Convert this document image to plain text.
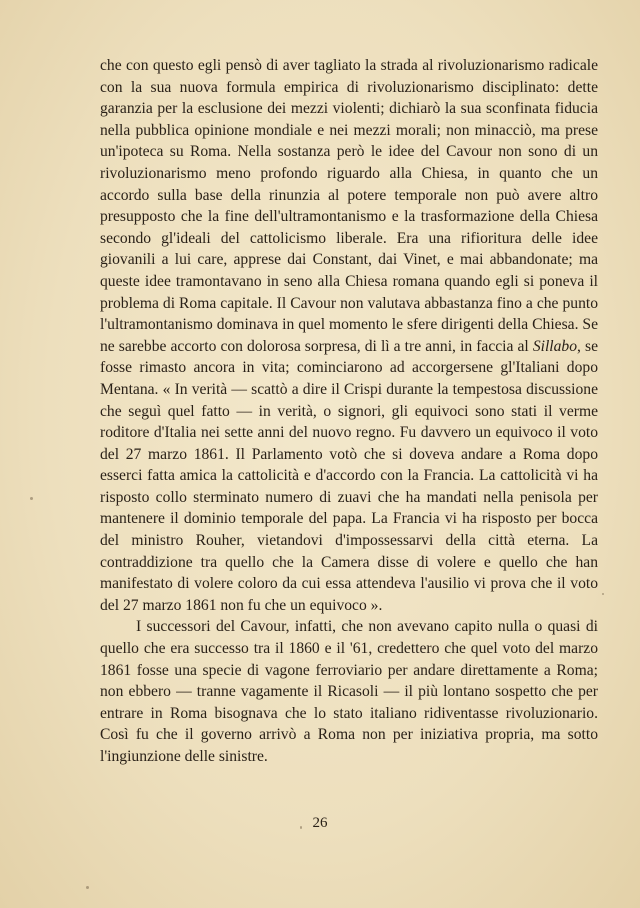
che con questo egli pensò di aver tagliato la strada al rivoluzionarismo radicale con la sua nuova formula empirica di rivoluzionarismo disciplinato: dette garanzia per la esclusione dei mezzi violenti; dichiarò la sua sconfinata fiducia nella pubblica opinione mondiale e nei mezzi morali; non minacciò, ma prese un'ipoteca su Roma. Nella sostanza però le idee del Cavour non sono di un rivoluzionarismo meno profondo riguardo alla Chiesa, in quanto che un accordo sulla base della rinunzia al potere temporale non può avere altro presupposto che la fine dell'ultramontanismo e la trasformazione della Chiesa secondo gl'ideali del cattolicismo liberale. Era una rifioritura delle idee giovanili a lui care, apprese dai Constant, dai Vinet, e mai abbandonate; ma queste idee tramontavano in seno alla Chiesa romana quando egli si poneva il problema di Roma capitale. Il Cavour non valutava abbastanza fino a che punto l'ultramontanismo dominava in quel momento le sfere dirigenti della Chiesa. Se ne sarebbe accorto con dolorosa sorpresa, di lì a tre anni, in faccia al Sillabo, se fosse rimasto ancora in vita; cominciarono ad accorgersene gl'Italiani dopo Mentana. « In verità — scattò a dire il Crispi durante la tempestosa discussione che seguì quel fatto — in verità, o signori, gli equivoci sono stati il verme roditore d'Italia nei sette anni del nuovo regno. Fu davvero un equivoco il voto del 27 marzo 1861. Il Parlamento votò che si doveva andare a Roma dopo esserci fatta amica la cattolicità e d'accordo con la Francia. La cattolicità vi ha risposto collo sterminato numero di zuavi che ha mandati nella penisola per mantenere il dominio temporale del papa. La Francia vi ha risposto per bocca del ministro Rouher, vietandovi d'impossessarvi della città eterna. La contraddizione tra quello che la Camera disse di volere e quello che han manifestato di volere coloro da cui essa attendeva l'ausilio vi prova che il voto del 27 marzo 1861 non fu che un equivoco ».

I successori del Cavour, infatti, che non avevano capito nulla o quasi di quello che era successo tra il 1860 e il '61, credettero che quel voto del marzo 1861 fosse una specie di vagone ferroviario per andare direttamente a Roma; non ebbero — tranne vagamente il Ricasoli — il più lontano sospetto che per entrare in Roma bisognava che lo stato italiano ridiventasse rivoluzionario. Così fu che il governo arrivò a Roma non per iniziativa propria, ma sotto l'ingiunzione delle sinistre.

26
